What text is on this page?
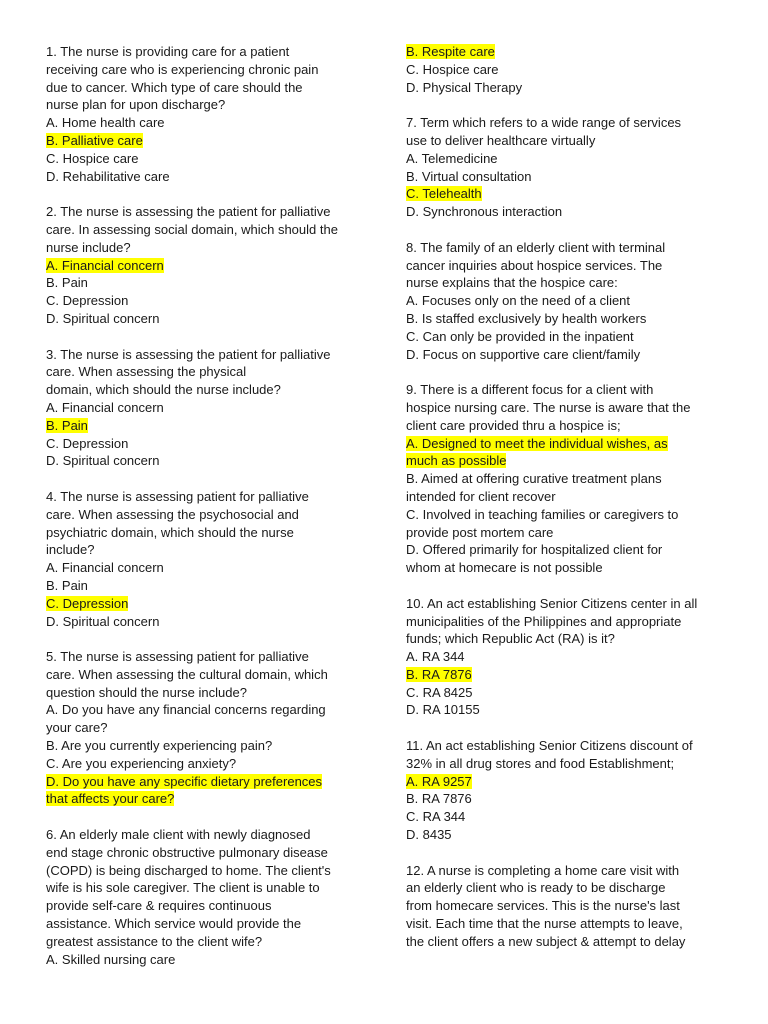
1. The nurse is providing care for a patient
receiving care who is experiencing chronic pain
due to cancer. Which type of care should the
nurse plan for upon discharge?
A. Home health care
B. Palliative care
C. Hospice care
D. Rehabilitative care
2. The nurse is assessing the patient for palliative
care. In assessing social domain, which should the
nurse include?
A. Financial concern
B. Pain
C. Depression
D. Spiritual concern
3. The nurse is assessing the patient for palliative
care. When assessing the physical
domain, which should the nurse include?
A. Financial concern
B. Pain
C. Depression
D. Spiritual concern
4. The nurse is assessing patient for palliative
care. When assessing the psychosocial and
psychiatric domain, which should the nurse
include?
A. Financial concern
B. Pain
C. Depression
D. Spiritual concern
5. The nurse is assessing patient for palliative
care. When assessing the cultural domain, which
question should the nurse include?
A. Do you have any financial concerns regarding
your care?
B. Are you currently experiencing pain?
C. Are you experiencing anxiety?
D. Do you have any specific dietary preferences
that affects your care?
6. An elderly male client with newly diagnosed
end stage chronic obstructive pulmonary disease
(COPD) is being discharged to home. The client's
wife is his sole caregiver. The client is unable to
provide self-care & requires continuous
assistance. Which service would provide the
greatest assistance to the client wife?
A. Skilled nursing care
B. Respite care
C. Hospice care
D. Physical Therapy
7. Term which refers to a wide range of services
use to deliver healthcare virtually
A. Telemedicine
B. Virtual consultation
C. Telehealth
D. Synchronous interaction
8. The family of an elderly client with terminal
cancer inquiries about hospice services. The
nurse explains that the hospice care:
A. Focuses only on the need of a client
B. Is staffed exclusively by health workers
C. Can only be provided in the inpatient
D. Focus on supportive care client/family
9. There is a different focus for a client with
hospice nursing care. The nurse is aware that the
client care provided thru a hospice is;
A. Designed to meet the individual wishes, as
much as possible
B. Aimed at offering curative treatment plans
intended for client recover
C. Involved in teaching families or caregivers to
provide post mortem care
D. Offered primarily for hospitalized client for
whom at homecare is not possible
10. An act establishing Senior Citizens center in all
municipalities of the Philippines and appropriate
funds; which Republic Act (RA) is it?
A. RA 344
B. RA 7876
C. RA 8425
D. RA 10155
11. An act establishing Senior Citizens discount of
32% in all drug stores and food Establishment;
A. RA 9257
B. RA 7876
C. RA 344
D. 8435
12. A nurse is completing a home care visit with
an elderly client who is ready to be discharge
from homecare services. This is the nurse's last
visit. Each time that the nurse attempts to leave,
the client offers a new subject & attempt to delay
